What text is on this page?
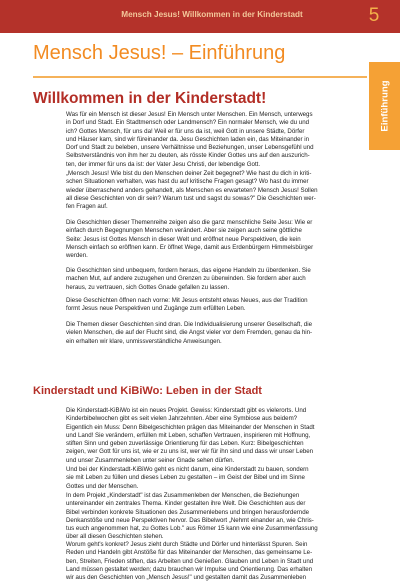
Mensch Jesus! Willkommen in der Kinderstadt	5
Einführung
Mensch Jesus! – Einführung
Willkommen in der Kinderstadt!
Kinderstadt und KiBiWo: Leben in der Stadt

Was für ein Mensch ist dieser Jesus! Ein Mensch unter Menschen. Ein Mensch, unterwegs
in Dorf und Stadt. Ein Stadtmensch oder Landmensch? Ein normaler Mensch, wie du und
ich? Gottes Mensch, für uns da! Weil er für uns da ist, weil Gott in unsere Städte, Dörfer
und Häuser kam, sind wir füreinander da. Jesu Geschichten laden ein, das Miteinander in
Dorf und Stadt zu beleben, unsere Verhältnisse und Beziehungen, unser Lebensgefühl und
Selbstverständnis von ihm her zu deuten, als rösste Kinder Gottes uns auf den auszurich-
ten, der immer für uns da ist: der Vater Jesu Christi, der lebendige Gott.

„Mensch Jesus! Wie bist du den Menschen deiner Zeit begegnet? Wie hast du dich in kriti-
schen Situationen verhalten, was hast du auf kritische Fragen gesagt? Wo hast du immer
wieder überraschend anders gehandelt, als Menschen es erwarteten? Mensch Jesus! Sollen
all diese Geschichten von dir sein? Warum tust und sagst du sowas?" Die Geschichten wer-
fen Fragen auf.

Die Geschichten dieser Themenreihe zeigen also die ganz menschliche Seite Jesu: Wie er
einfach durch Begegnungen Menschen verändert. Aber sie zeigen auch seine göttliche
Seite: Jesus ist Gottes Mensch in dieser Welt und eröffnet neue Perspektiven, die kein
Mensch einfach so eröffnen kann. Er öffnet Wege, damit aus Erdenbürgern Himmelsbürger
werden.

Die Geschichten sind unbequem, fordern heraus, das eigene Handeln zu überdenken. Sie
machen Mut, auf andere zuzugehen und Grenzen zu überwinden. Sie fordern aber auch
heraus, zu vertrauen, sich Gottes Gnade gefallen zu lassen.

Diese Geschichten öffnen nach vorne: Mit Jesus entsteht etwas Neues, aus der Tradition
formt Jesus neue Perspektiven und Zugänge zum erfüllten Leben.

Die Themen dieser Geschichten sind dran. Die Individualisierung unserer Gesellschaft, die
vielen Menschen, die auf der Flucht sind, die Angst vieler vor dem Fremden, genau da hin-
ein erhalten wir klare, unmissverständliche Anweisungen.

Die Kinderstadt-KiBiWo ist ein neues Projekt. Gewiss: Kinderstadt gibt es vielerorts. Und
Kinderbibelwochen gibt es seit vielen Jahrzehnten. Aber eine Symbiose aus beidem?
Eigentlich ein Muss: Denn Bibelgeschichten prägen das Miteinander der Menschen in Stadt
und Land! Sie verändern, erfüllen mit Leben, schaffen Vertrauen, inspirieren mit Hoffnung,
stiften Sinn und geben zuverlässige Orientierung für das Leben. Kurz: Bibelgeschichten
zeigen, wer Gott für uns ist, wie er zu uns ist, wer wir für ihn sind und dass wir unser Leben
und unser Zusammenleben unter seiner Gnade sehen dürfen.

Und bei der Kinderstadt-KiBiWo geht es nicht darum, eine Kinderstadt zu bauen, sondern
sie mit Leben zu füllen und dieses Leben zu gestalten – im Geist der Bibel und im Sinne
Gottes und der Menschen.

In dem Projekt „Kinderstadt" ist das Zusammenleben der Menschen, die Beziehungen
untereinander ein zentrales Thema. Kinder gestalten ihre Welt. Die Geschichten aus der
Bibel verbinden konkrete Situationen des Zusammenlebens und bringen herausfordernde
Denkanstöße und neue Perspektiven hervor. Das Bibelwort „Nehmt einander an, wie Chris-
tus euch angenommen hat, zu Gottes Lob." aus Römer 15 kann wie eine Zusammenfassung
über all diesen Geschichten stehen.

Worum geht's konkret? Jesus zieht durch Städte und Dörfer und hinterlässt Spuren. Sein
Reden und Handeln gibt Anstöße für das Miteinander der Menschen, das gemeinsame Le-
ben, Streiten, Frieden stiften, das Arbeiten und Genießen. Glauben und Leben in Stadt und
Land müssen gestaltet werden; dazu brauchen wir Impulse und Orientierung. Das erhalten
wir aus den Geschichten von „Mensch Jesus!" und gestalten damit das Zusammenleben
